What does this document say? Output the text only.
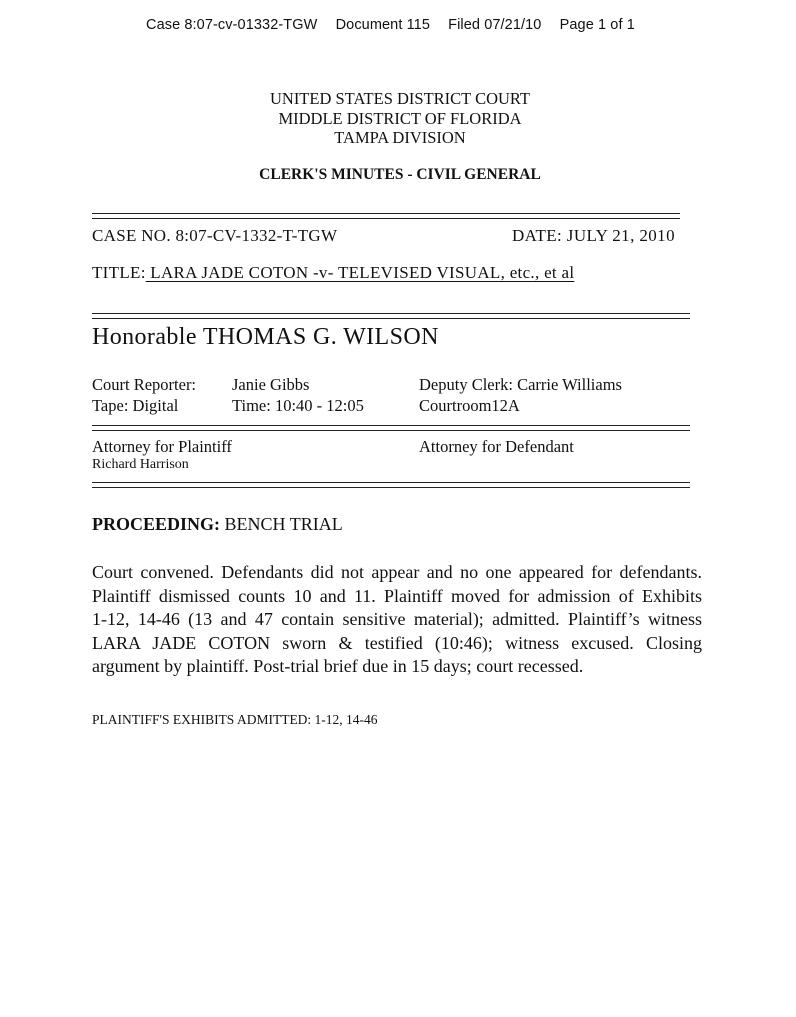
Case 8:07-cv-01332-TGW Document 115 Filed 07/21/10 Page 1 of 1
UNITED STATES DISTRICT COURT
MIDDLE DISTRICT OF FLORIDA
TAMPA DIVISION
CLERK'S MINUTES - CIVIL GENERAL
CASE NO. 8:07-CV-1332-T-TGW	DATE: JULY 21, 2010
TITLE: LARA JADE COTON -v- TELEVISED VISUAL, etc., et al
Honorable THOMAS G. WILSON
Court Reporter: Janie Gibbs	Deputy Clerk: Carrie Williams
Tape: Digital	Time: 10:40 - 12:05	Courtroom12A
Attorney for Plaintiff
Richard Harrison
Attorney for Defendant
PROCEEDING: BENCH TRIAL
Court convened. Defendants did not appear and no one appeared for defendants.
Plaintiff dismissed counts 10 and 11. Plaintiff moved for admission of Exhibits
1-12, 14-46 (13 and 47 contain sensitive material); admitted. Plaintiff’s witness
LARA JADE COTON sworn & testified (10:46); witness excused. Closing
argument by plaintiff. Post-trial brief due in 15 days; court recessed.
PLAINTIFF'S EXHIBITS ADMITTED: 1-12, 14-46
